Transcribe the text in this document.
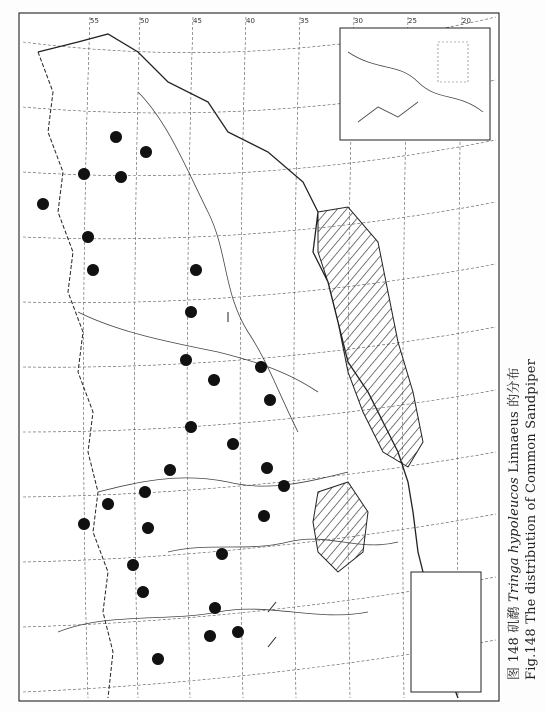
55	50	45	40	35	30	25	20
图 148 矶鹬 Tringa hypoleucos Linnaeus 的分布
Fig.148 The distribution of Common Sandpiper
